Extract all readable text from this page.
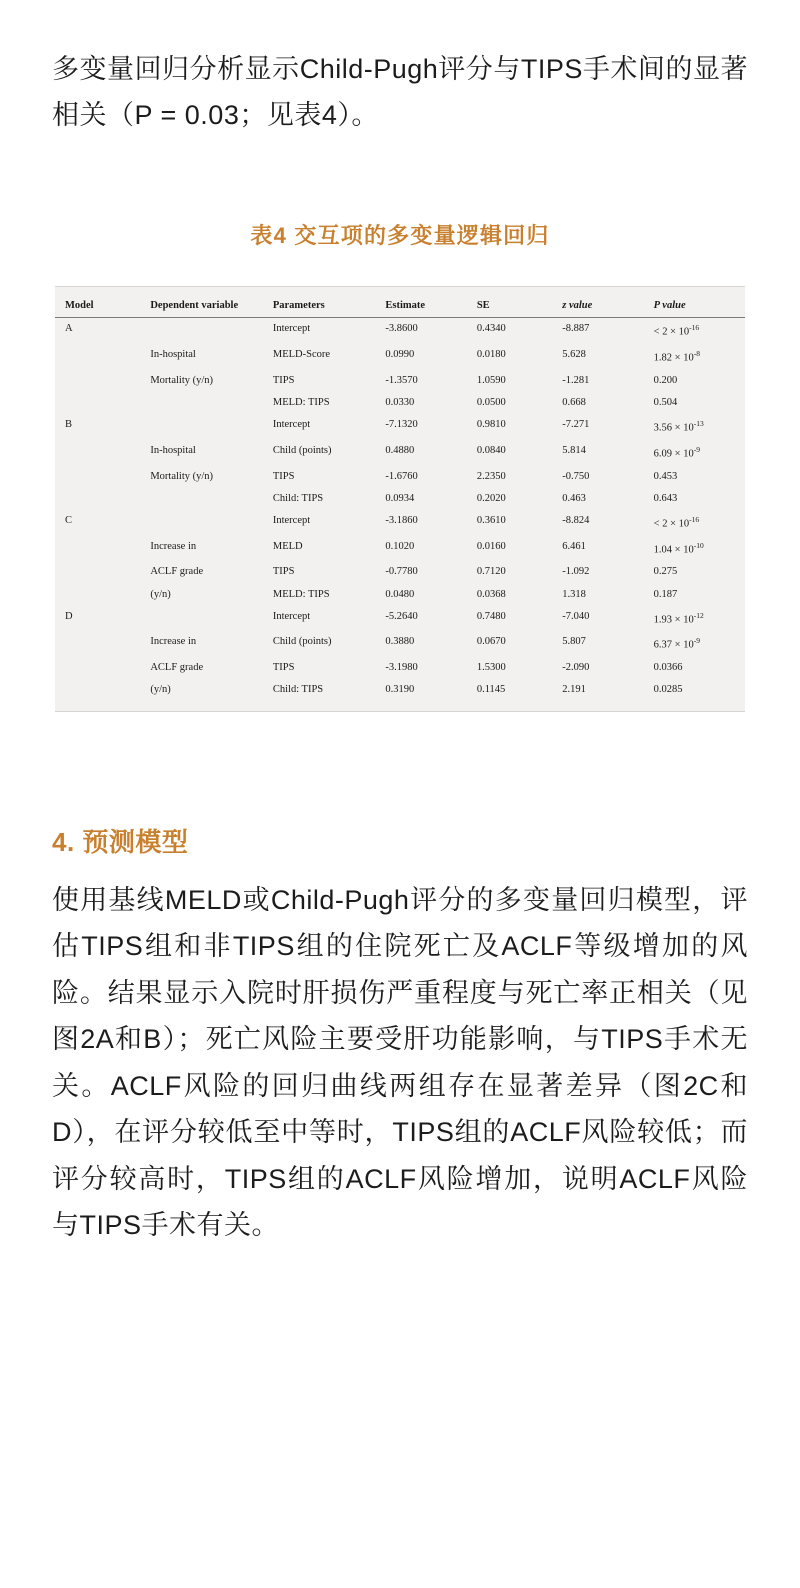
多变量回归分析显示Child-Pugh评分与TIPS手术间的显著相关（P = 0.03；见表4）。

表4 交互项的多变量逻辑回归
Model	Dependent variable	Parameters	Estimate	SE	z value	P value
A		Intercept	-3.8600	0.4340	-8.887	< $2 \times 10^{-16}$
	In-hospital	MELD-Score	0.0990	0.0180	5.628	$1.82 \times 10^{-8}$
	Mortality (y/n)	TIPS	-1.3570	1.0590	-1.281	0.200
		MELD: TIPS	0.0330	0.0500	0.668	0.504
B		Intercept	-7.1320	0.9810	-7.271	$3.56 \times 10^{-13}$
	In-hospital	Child (points)	0.4880	0.0840	5.814	$6.09 \times 10^{-9}$
	Mortality (y/n)	TIPS	-1.6760	2.2350	-0.750	0.453
		Child: TIPS	0.0934	0.2020	0.463	0.643
C		Intercept	-3.1860	0.3610	-8.824	< $2 \times 10^{-16}$
	Increase in	MELD	0.1020	0.0160	6.461	$1.04 \times 10^{-10}$
	ACLF grade	TIPS	-0.7780	0.7120	-1.092	0.275
	(y/n)	MELD: TIPS	0.0480	0.0368	1.318	0.187
D		Intercept	-5.2640	0.7480	-7.040	$1.93 \times 10^{-12}$
	Increase in	Child (points)	0.3880	0.0670	5.807	$6.37 \times 10^{-9}$
	ACLF grade	TIPS	-3.1980	1.5300	-2.090	0.0366
	(y/n)	Child: TIPS	0.3190	0.1145	2.191	0.0285
4. 预测模型

使用基线MELD或Child-Pugh评分的多变量回归模型，评估TIPS组和非TIPS组的住院死亡及ACLF等级增加的风险。结果显示入院时肝损伤严重程度与死亡率正相关（见图2A和B）；死亡风险主要受肝功能影响，与TIPS手术无关。ACLF风险的回归曲线两组存在显著差异（图2C和D），在评分较低至中等时，TIPS组的ACLF风险较低；而评分较高时，TIPS组的ACLF风险增加，说明ACLF风险与TIPS手术有关。
